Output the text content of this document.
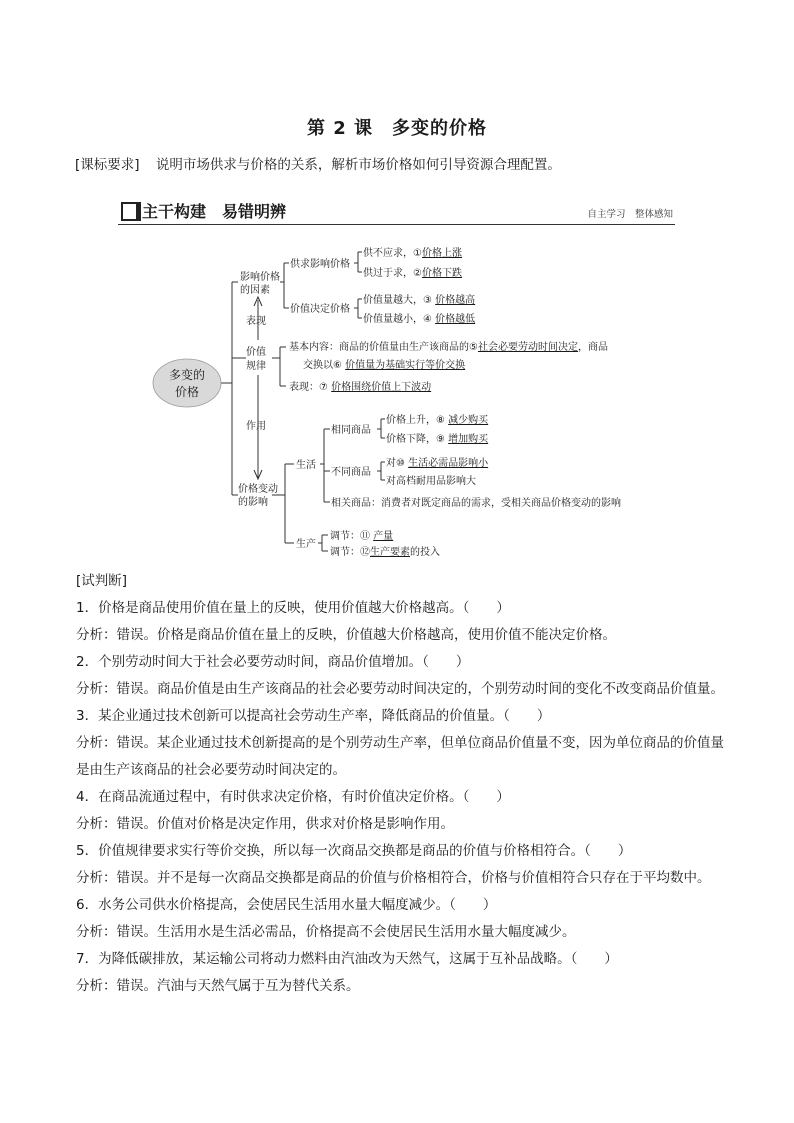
第 2 课　多变的价格
[课标要求] 说明市场供求与价格的关系，解析市场价格如何引导资源合理配置。
主干构建　易错明辨	自主学习　整体感知
多变的
价格
影响价格
的因素
供求影响价格
供不应求，①价格上涨
供过于求，②价格下跌
价值决定价格
价值量越大，③ 价格越高
价值量越小，④ 价格越低
表现
价值
规律
基本内容：商品的价值量由生产该商品的⑤社会必要劳动时间决定，商品
交换以⑥ 价值量为基础实行等价交换
表现：⑦ 价格围绕价值上下波动
作用
价格变动
的影响
生活
相同商品
价格上升，⑧ 减少购买
价格下降，⑨ 增加购买
不同商品
对⑩ 生活必需品影响小
对高档耐用品影响大
相关商品：消费者对既定商品的需求，受相关商品价格变动的影响
生产
调节：⑪ 产量
调节：⑫生产要素的投入

[试判断]

1．价格是商品使用价值在量上的反映，使用价值越大价格越高。（　　）

分析：错误。价格是商品价值在量上的反映，价值越大价格越高，使用价值不能决定价格。

2．个别劳动时间大于社会必要劳动时间，商品价值增加。（　　）

分析：错误。商品价值是由生产该商品的社会必要劳动时间决定的，个别劳动时间的变化不改变商品价值量。

3．某企业通过技术创新可以提高社会劳动生产率，降低商品的价值量。（　　）

分析：错误。某企业通过技术创新提高的是个别劳动生产率，但单位商品价值量不变，因为单位商品的价值量是由生产该商品的社会必要劳动时间决定的。

4．在商品流通过程中，有时供求决定价格，有时价值决定价格。（　　）

分析：错误。价值对价格是决定作用，供求对价格是影响作用。

5．价值规律要求实行等价交换，所以每一次商品交换都是商品的价值与价格相符合。（　　）

分析：错误。并不是每一次商品交换都是商品的价值与价格相符合，价格与价值相符合只存在于平均数中。

6．水务公司供水价格提高，会使居民生活用水量大幅度减少。（　　）

分析：错误。生活用水是生活必需品，价格提高不会使居民生活用水量大幅度减少。

7．为降低碳排放，某运输公司将动力燃料由汽油改为天然气，这属于互补品战略。（　　）

分析：错误。汽油与天然气属于互为替代关系。
